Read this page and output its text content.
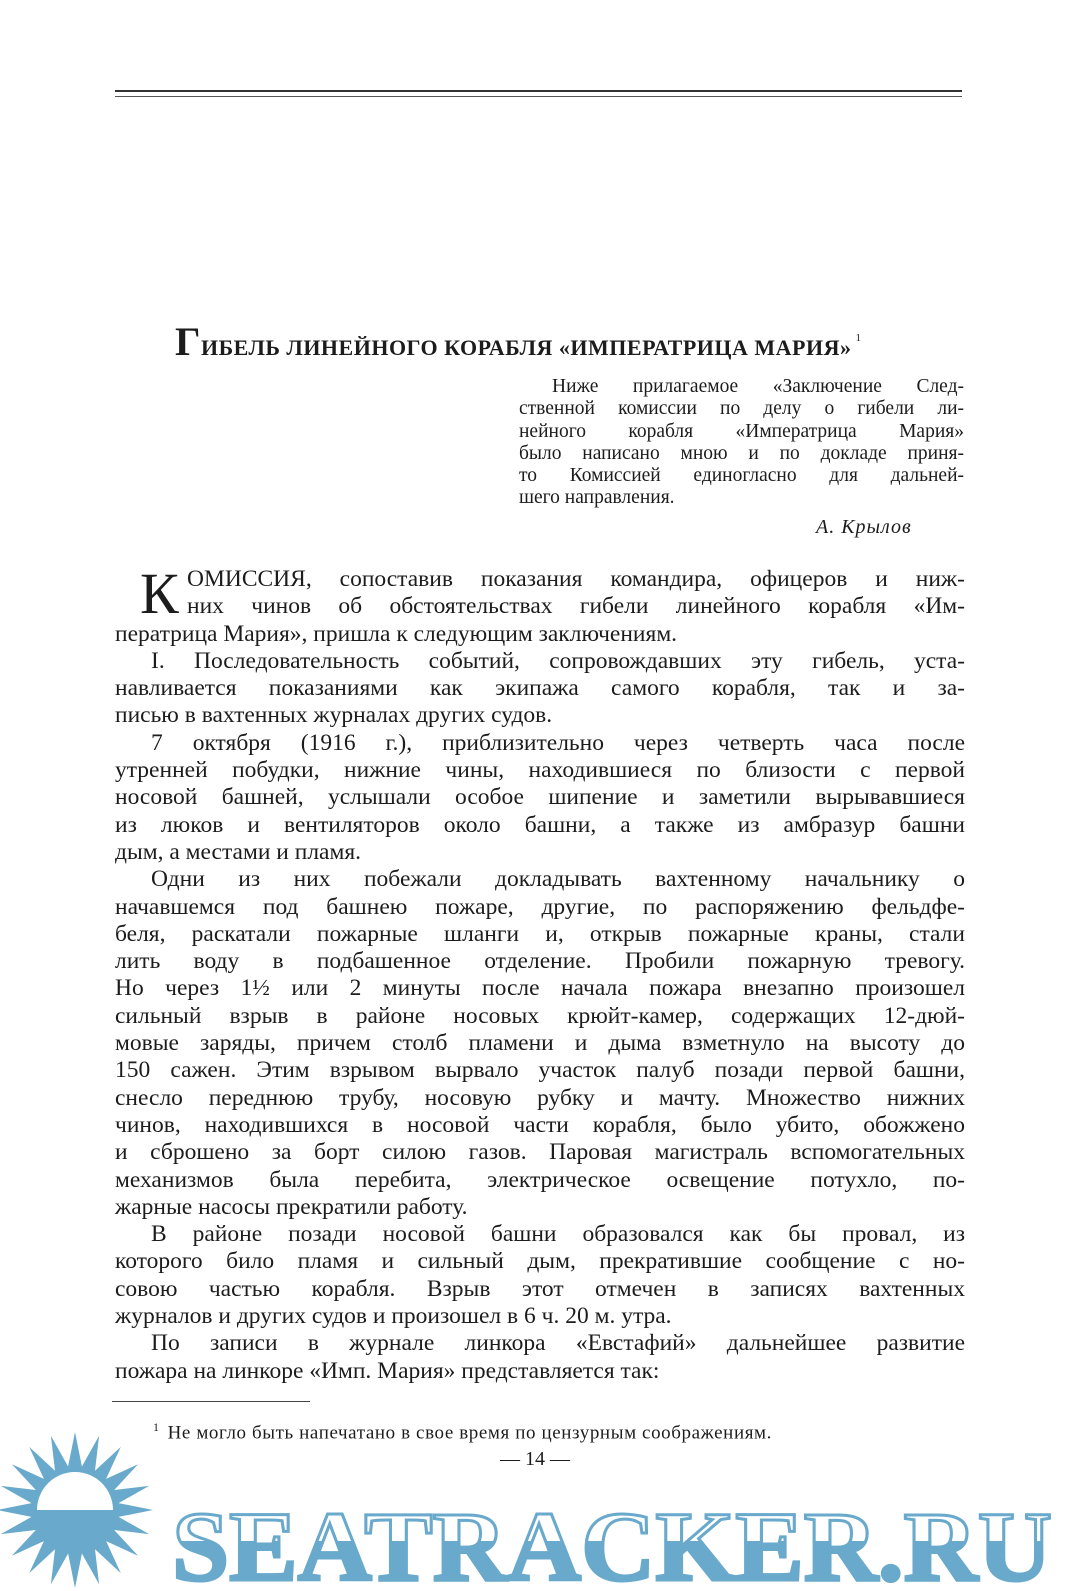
ГИБЕЛЬ ЛИНЕЙНОГО КОРАБЛЯ «ИМПЕРАТРИЦА МАРИЯ» $^1$
Ниже прилагаемое «Заключение След-
ственной комиссии по делу о гибели ли-
нейного корабля «Императрица Мария»
было написано мною и по докладе приня-
то Комиссией единогласно для дальней-
шего направления.
А. Крылов
К ОМИССИЯ, сопоставив показания командира, офицеров и ниж-
них чинов об обстоятельствах гибели линейного корабля «Им-
ператрица Мария», пришла к следующим заключениям.
I. Последовательность событий, сопровождавших эту гибель, уста-
навливается показаниями как экипажа самого корабля, так и за-
писью в вахтенных журналах других судов.
7 октября (1916 г.), приблизительно через четверть часа после
утренней побудки, нижние чины, находившиеся по близости с первой
носовой башней, услышали особое шипение и заметили вырывавшиеся
из люков и вентиляторов около башни, а также из амбразур башни
дым, а местами и пламя.
Одни из них побежали докладывать вахтенному начальнику о
начавшемся под башнею пожаре, другие, по распоряжению фельдфе-
беля, раскатали пожарные шланги и, открыв пожарные краны, стали
лить воду в подбашенное отделение. Пробили пожарную тревогу.
Но через 1½ или 2 минуты после начала пожара внезапно произошел
сильный взрыв в районе носовых крюйт-камер, содержащих 12-дюй-
мовые заряды, причем столб пламени и дыма взметнуло на высоту до
150 сажен. Этим взрывом вырвало участок палуб позади первой башни,
снесло переднюю трубу, носовую рубку и мачту. Множество нижних
чинов, находившихся в носовой части корабля, было убито, обожжено
и сброшено за борт силою газов. Паровая магистраль вспомогательных
механизмов была перебита, электрическое освещение потухло, по-
жарные насосы прекратили работу.
В районе позади носовой башни образовался как бы провал, из
которого било пламя и сильный дым, прекратившие сообщение с но-
совою частью корабля. Взрыв этот отмечен в записях вахтенных
журналов и других судов и произошел в 6 ч. 20 м. утра.
По записи в журнале линкора «Евстафий» дальнейшее развитие
пожара на линкоре «Имп. Мария» представляется так:
$^1$ Не могло быть напечатано в свое время по цензурным соображениям.
SEATRACKER.RU
— 14 —
